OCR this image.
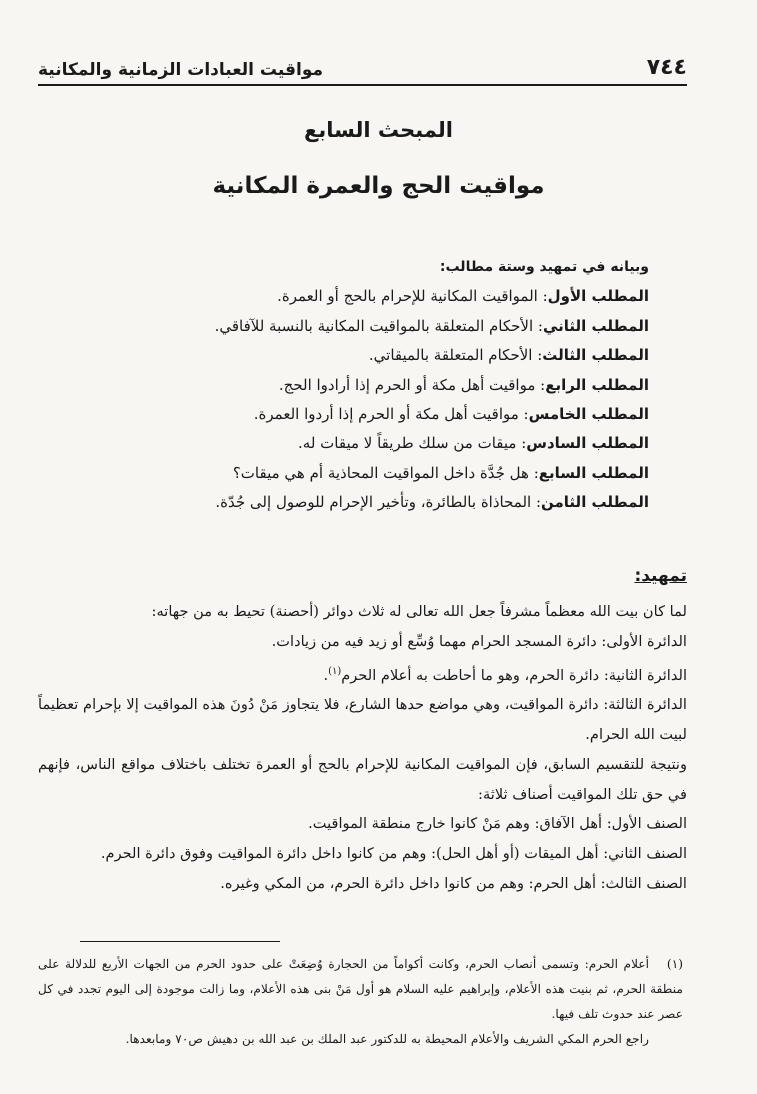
٧٤٤
مواقيت العبادات الزمانية والمكانية
المبحث السابع
مواقيت الحج والعمرة المكانية
وبيانه في تمهيد وستة مطالب:
المطلب الأول: المواقيت المكانية للإحرام بالحج أو العمرة.
المطلب الثاني: الأحكام المتعلقة بالمواقيت المكانية بالنسبة للآفاقي.
المطلب الثالث: الأحكام المتعلقة بالميقاتي.
المطلب الرابع: مواقيت أهل مكة أو الحرم إذا أرادوا الحج.
المطلب الخامس: مواقيت أهل مكة أو الحرم إذا أردوا العمرة.
المطلب السادس: ميقات من سلك طريقاً لا ميقات له.
المطلب السابع: هل جُدَّة داخل المواقيت المحاذية أم هي ميقات؟
المطلب الثامن: المحاذاة بالطائرة، وتأخير الإحرام للوصول إلى جُدّة.
تمهيد:

لما كان بيت الله معظماً مشرفاً جعل الله تعالى له ثلاث دوائر (أحصنة) تحيط به من جهاته:

الدائرة الأولى: دائرة المسجد الحرام مهما وُسِّع أو زيد فيه من زيادات.

الدائرة الثانية: دائرة الحرم، وهو ما أحاطت به أعلام الحرم$^{(١)}$.

الدائرة الثالثة: دائرة المواقيت، وهي مواضع حدها الشارع، فلا يتجاوز مَنْ دُونَ هذه المواقيت إلا بإحرام تعظيماً لبيت الله الحرام.

ونتيجة للتقسيم السابق، فإن المواقيت المكانية للإحرام بالحج أو العمرة تختلف باختلاف مواقع الناس، فإنهم في حق تلك المواقيت أصناف ثلاثة:

الصنف الأول: أهل الآفاق: وهم مَنْ كانوا خارج منطقة المواقيت.

الصنف الثاني: أهل الميقات (أو أهل الحل): وهم من كانوا داخل دائرة المواقيت وفوق دائرة الحرم.

الصنف الثالث: أهل الحرم: وهم من كانوا داخل دائرة الحرم، من المكي وغيره.

(١)أعلام الحرم: وتسمى أنصاب الحرم، وكانت أكواماً من الحجارة وُضِعَتْ على حدود الحرم من الجهات الأربع للدلالة على منطقة الحرم، ثم بنيت هذه الأعلام، وإبراهيم عليه السلام هو أول مَنْ بنى هذه الأعلام، وما زالت موجودة إلى اليوم تجدد في كل عصر عند حدوث تلف فيها.

راجع الحرم المكي الشريف والأعلام المحيطة به للدكتور عبد الملك بن عبد الله بن دهيش ص٧٠ ومابعدها.
